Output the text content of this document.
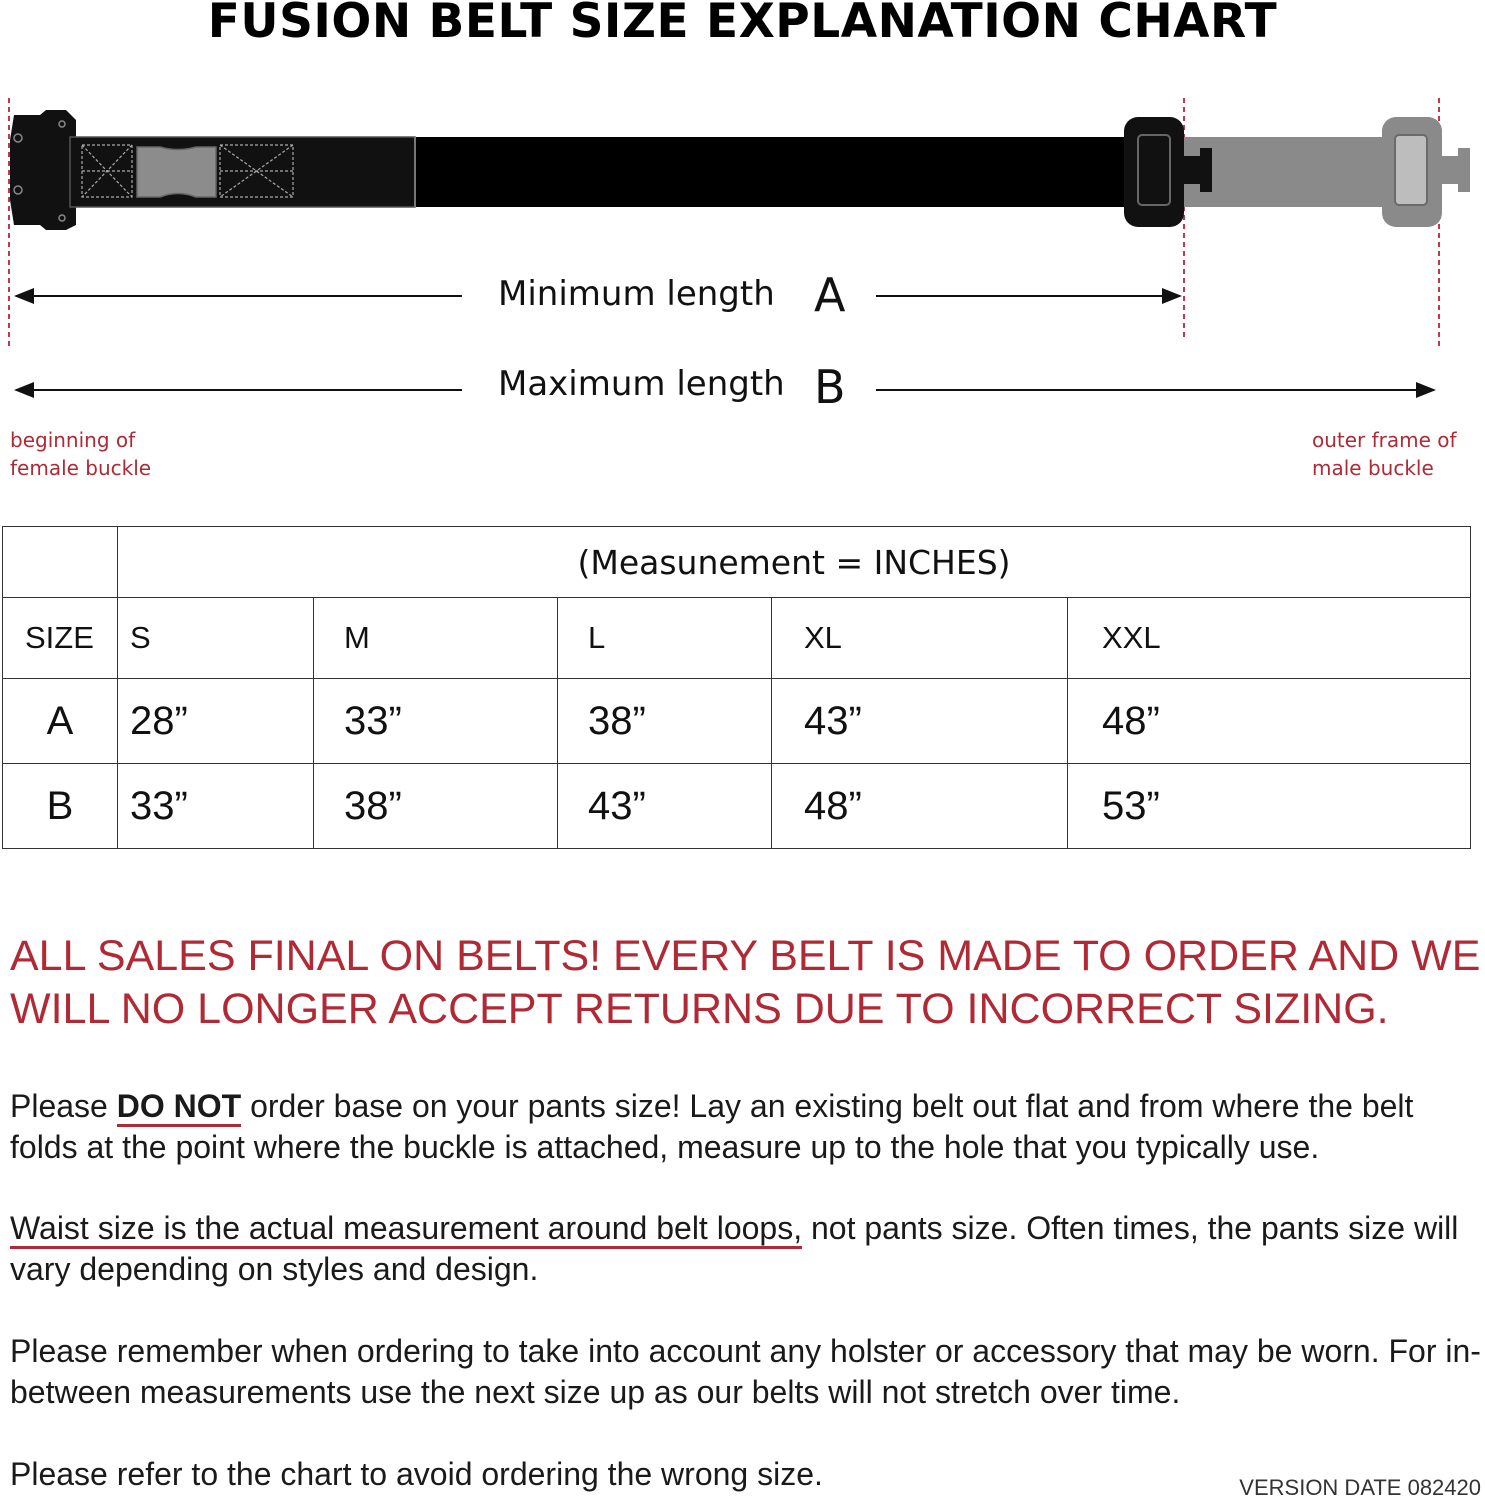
FUSION BELT SIZE EXPLANATION CHART
Minimum length A
Maximum length B
beginning of
female buckle
outer frame of
male buckle
	(Measunement = INCHES)				
SIZE	S	M	L	XL	XXL
A	28”	33”	38”	43”	48”
B	33”	38”	43”	48”	53”
ALL SALES FINAL ON BELTS! EVERY BELT IS MADE TO ORDER AND WE WILL NO LONGER ACCEPT RETURNS DUE TO INCORRECT SIZING.
Please DO NOT order base on your pants size! Lay an existing belt out flat and from where the belt folds at the point where the buckle is attached, measure up to the hole that you typically use.
Waist size is the actual measurement around belt loops, not pants size. Often times, the pants size will vary depending on styles and design.
Please remember when ordering to take into account any holster or accessory that may be worn. For in-between measurements use the next size up as our belts will not stretch over time.
Please refer to the chart to avoid ordering the wrong size.	VERSION DATE 082420
